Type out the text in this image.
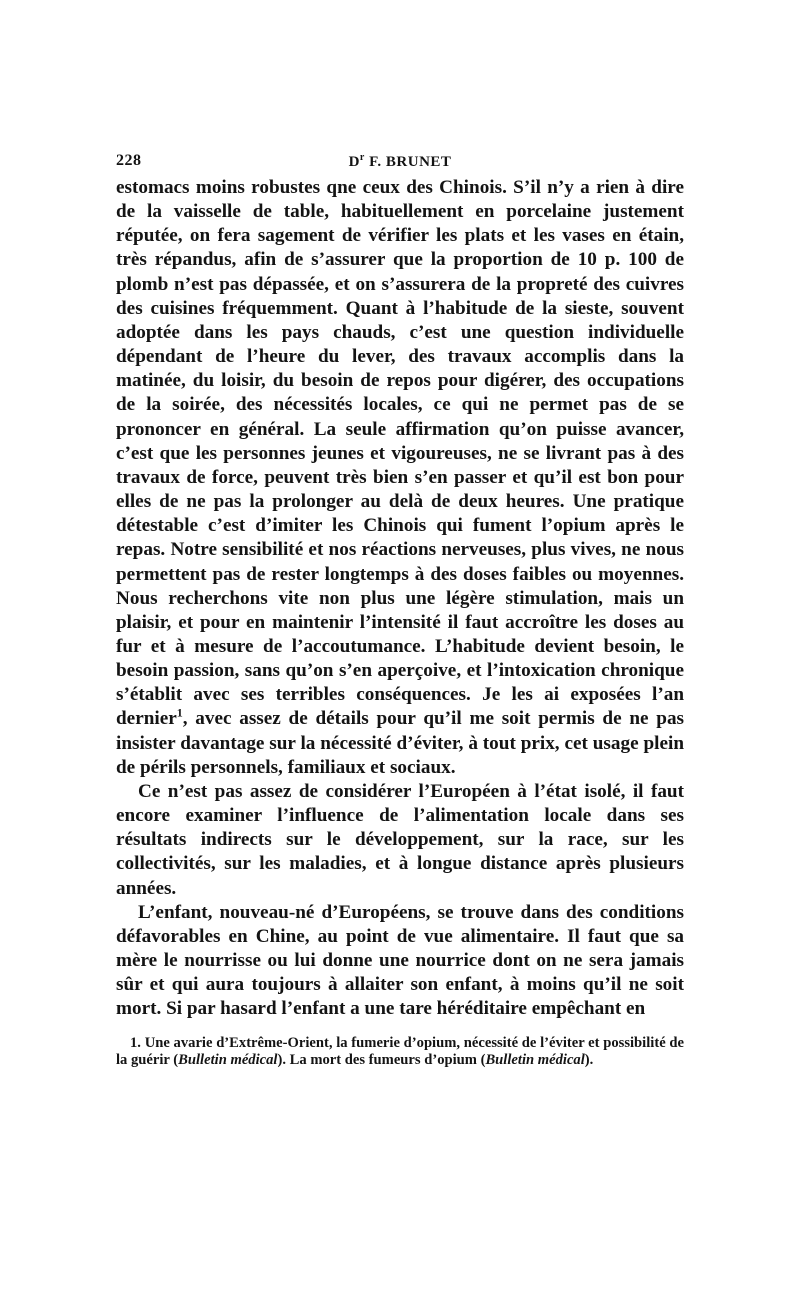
228	$D^r$ F. BRUNET

estomacs moins robustes qne ceux des Chinois. S’il n’y a rien à dire de la vaisselle de table, habituellement en porcelaine justement réputée, on fera sagement de vérifier les plats et les vases en étain, très répandus, afin de s’assurer que la proportion de 10 p. 100 de plomb n’est pas dépassée, et on s’assurera de la propreté des cuivres des cuisines fréquemment. Quant à l’habitude de la sieste, souvent adoptée dans les pays chauds, c’est une question individuelle dépendant de l’heure du lever, des travaux accomplis dans la matinée, du loisir, du besoin de repos pour digérer, des occupations de la soirée, des nécessités locales, ce qui ne permet pas de se prononcer en général. La seule affirmation qu’on puisse avancer, c’est que les personnes jeunes et vigoureuses, ne se livrant pas à des travaux de force, peuvent très bien s’en passer et qu’il est bon pour elles de ne pas la prolonger au delà de deux heures. Une pratique détestable c’est d’imiter les Chinois qui fument l’opium après le repas. Notre sensibilité et nos réactions nerveuses, plus vives, ne nous permettent pas de rester longtemps à des doses faibles ou moyennes. Nous recherchons vite non plus une légère stimulation, mais un plaisir, et pour en maintenir l’intensité il faut accroître les doses au fur et à mesure de l’accoutumance. L’habitude devient besoin, le besoin passion, sans qu’on s’en aperçoive, et l’intoxication chronique s’établit avec ses terribles conséquences. Je les ai exposées l’an dernier$^1$, avec assez de détails pour qu’il me soit permis de ne pas insister davantage sur la nécessité d’éviter, à tout prix, cet usage plein de périls personnels, familiaux et sociaux.

Ce n’est pas assez de considérer l’Européen à l’état isolé, il faut encore examiner l’influence de l’alimentation locale dans ses résultats indirects sur le développement, sur la race, sur les collectivités, sur les maladies, et à longue distance après plusieurs années.

L’enfant, nouveau-né d’Européens, se trouve dans des conditions défavorables en Chine, au point de vue alimentaire. Il faut que sa mère le nourrisse ou lui donne une nourrice dont on ne sera jamais sûr et qui aura toujours à allaiter son enfant, à moins qu’il ne soit mort. Si par hasard l’enfant a une tare héréditaire empêchant en

1. Une avarie d’Extrême-Orient, la fumerie d’opium, nécessité de l’éviter et possibilité de la guérir (Bulletin médical). La mort des fumeurs d’opium (Bulletin médical).
